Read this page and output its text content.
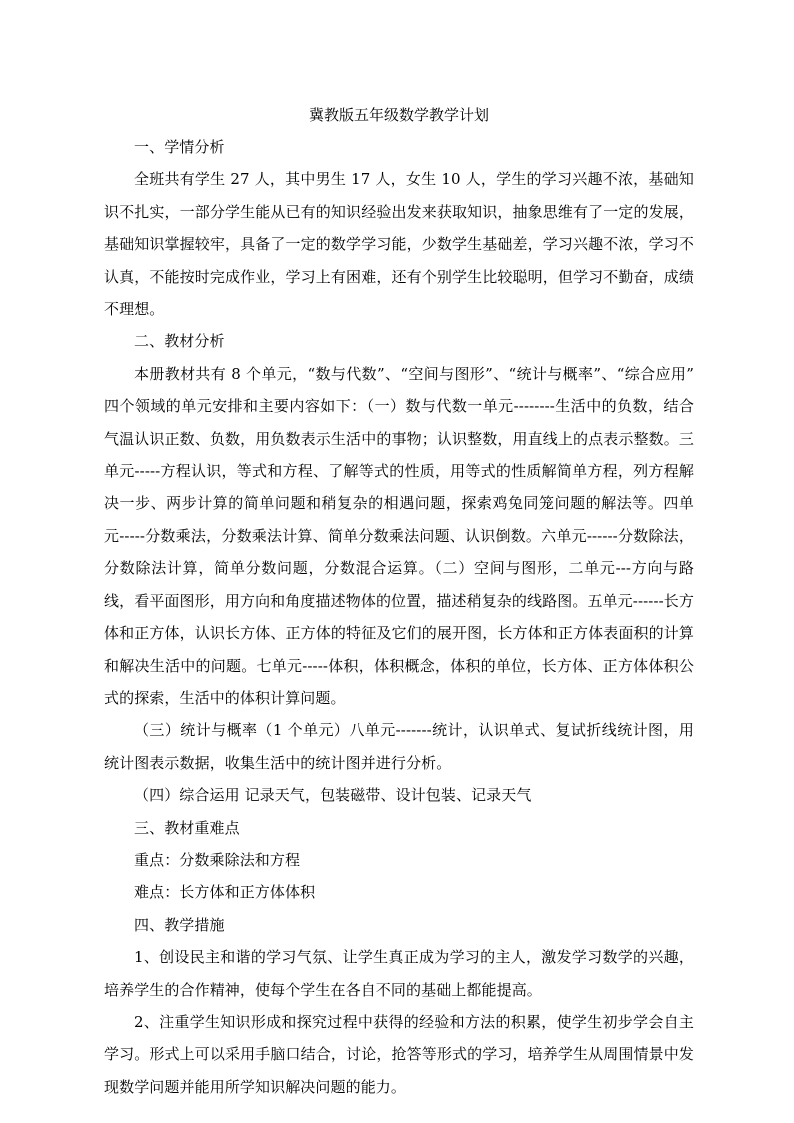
冀教版五年级数学教学计划

一、学情分析

全班共有学生 27 人，其中男生 17 人，女生 10 人，学生的学习兴趣不浓，基础知识不扎实，一部分学生能从已有的知识经验出发来获取知识，抽象思维有了一定的发展，基础知识掌握较牢，具备了一定的数学学习能，少数学生基础差，学习兴趣不浓，学习不认真，不能按时完成作业，学习上有困难，还有个别学生比较聪明，但学习不勤奋，成绩不理想。

二、教材分析

本册教材共有 8 个单元，“数与代数”、“空间与图形”、“统计与概率”、“综合应用” 四个领域的单元安排和主要内容如下：（一）数与代数一单元--------生活中的负数，结合气温认识正数、负数，用负数表示生活中的事物；认识整数，用直线上的点表示整数。三单元-----方程认识，等式和方程、了解等式的性质，用等式的性质解简单方程，列方程解决一步、两步计算的简单问题和稍复杂的相遇问题，探索鸡兔同笼问题的解法等。四单元-----分数乘法，分数乘法计算、简单分数乘法问题、认识倒数。六单元------分数除法，分数除法计算，简单分数问题，分数混合运算。（二）空间与图形，二单元---方向与路线，看平面图形，用方向和角度描述物体的位置，描述稍复杂的线路图。五单元------长方体和正方体，认识长方体、正方体的特征及它们的展开图，长方体和正方体表面积的计算和解决生活中的问题。七单元-----体积，体积概念，体积的单位，长方体、正方体体积公式的探索，生活中的体积计算问题。

（三）统计与概率（1 个单元）八单元-------统计，认识单式、复试折线统计图，用统计图表示数据，收集生活中的统计图并进行分析。

（四）综合运用 记录天气，包装磁带、设计包装、记录天气

三、教材重难点

重点：分数乘除法和方程

难点：长方体和正方体体积

四、教学措施

1、创设民主和谐的学习气氛、让学生真正成为学习的主人，激发学习数学的兴趣，培养学生的合作精神，使每个学生在各自不同的基础上都能提高。

2、注重学生知识形成和探究过程中获得的经验和方法的积累，使学生初步学会自主学习。形式上可以采用手脑口结合，讨论，抢答等形式的学习，培养学生从周围情景中发现数学问题并能用所学知识解决问题的能力。
